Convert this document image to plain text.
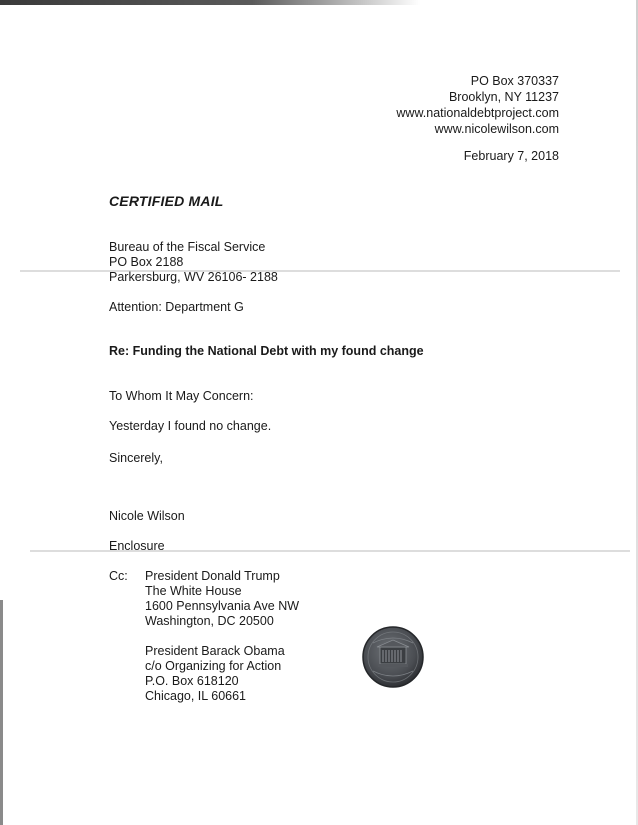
PO Box 370337
Brooklyn, NY 11237
www.nationaldebtproject.com
www.nicolewilson.com
February 7, 2018
CERTIFIED MAIL
Bureau of the Fiscal Service
PO Box 2188
Parkersburg, WV 26106- 2188
Attention: Department G
Re: Funding the National Debt with my found change
To Whom It May Concern:
Yesterday I found no change.
Sincerely,
Nicole Wilson
Enclosure
Cc: President Donald Trump
The White House
1600 Pennsylvania Ave NW
Washington, DC 20500
President Barack Obama
c/o Organizing for Action
P.O. Box 618120
Chicago, IL 60661
